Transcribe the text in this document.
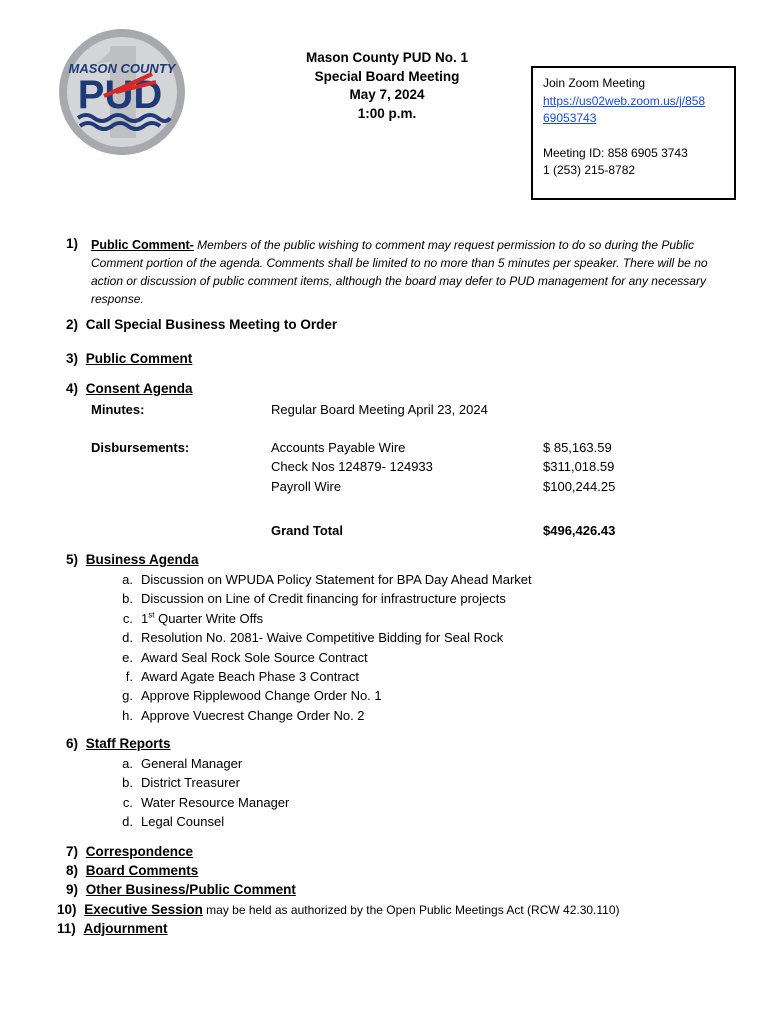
MASON COUNTY
PUD
Mason County PUD No. 1
Special Board Meeting
May 7, 2024
1:00 p.m.
Join Zoom Meeting
https://us02web.zoom.us/j/858
69053743
Meeting ID: 858 6905 3743
1 (253) 215-8782
1) Public Comment- Members of the public wishing to comment may request permission to do so during the Public Comment portion of the agenda. Comments shall be limited to no more than 5 minutes per speaker. There will be no action or discussion of public comment items, although the board may defer to PUD management for any necessary response.
2) Call Special Business Meeting to Order
3) Public Comment
4) Consent Agenda
Minutes:	Regular Board Meeting April 23, 2024
Disbursements:	Accounts Payable Wire	$ 85,163.59
Check Nos 124879- 124933	$311,018.59
Payroll Wire	$100,244.25
Grand Total	$496,426.43
5) Business Agenda
a. Discussion on WPUDA Policy Statement for BPA Day Ahead Market
b. Discussion on Line of Credit financing for infrastructure projects
c. 1st Quarter Write Offs
d. Resolution No. 2081- Waive Competitive Bidding for Seal Rock
e. Award Seal Rock Sole Source Contract
f. Award Agate Beach Phase 3 Contract
g. Approve Ripplewood Change Order No. 1
h. Approve Vuecrest Change Order No. 2
6) Staff Reports
a. General Manager
b. District Treasurer
c. Water Resource Manager
d. Legal Counsel
7) Correspondence
8) Board Comments
9) Other Business/Public Comment
10) Executive Session may be held as authorized by the Open Public Meetings Act (RCW 42.30.110)
11) Adjournment
